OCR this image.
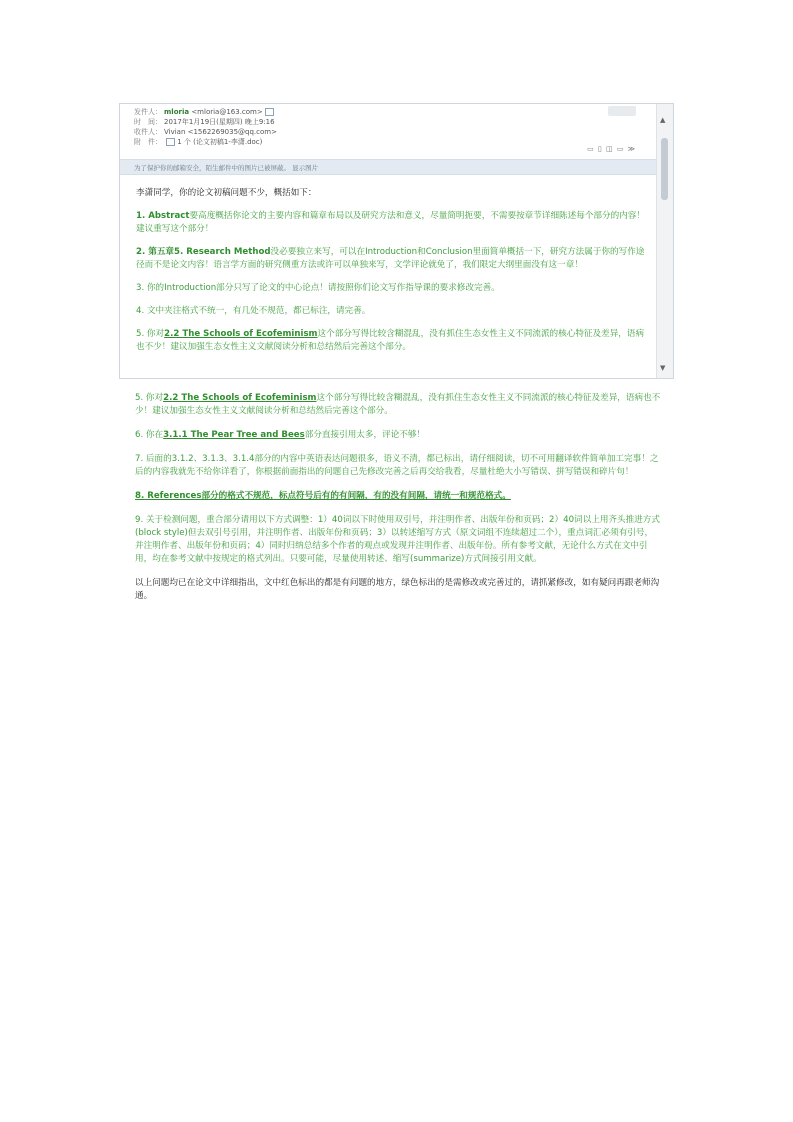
发件人： mloria <mloria@163.com>
时　间： 2017年1月19日(星期四) 晚上9:16
收件人： Vivian <1562269035@qq.com>
附　件： 1 个 (论文初稿1-李潇.doc)
▭ ▯ ◫ ▭ ≫
为了保护你的邮箱安全，陌生邮件中的图片已被屏蔽。 显示图片

李潇同学，你的论文初稿问题不少，概括如下：

1. Abstract要高度概括你论文的主要内容和篇章布局以及研究方法和意义，尽量简明扼要，不需要按章节详细陈述每个部分的内容！建议重写这个部分！

2. 第五章5. Research Method没必要独立来写，可以在Introduction和Conclusion里面简单概括一下，研究方法属于你的写作途径而不是论文内容！语言学方面的研究侧重方法或许可以单独来写，文学评论就免了，我们限定大纲里面没有这一章！

3. 你的Introduction部分只写了论文的中心论点！请按照你们论文写作指导课的要求修改完善。

4. 文中夹注格式不统一，有几处不规范，都已标注，请完善。

5. 你对2.2 The Schools of Ecofeminism这个部分写得比较含糊混乱，没有抓住生态女性主义不同流派的核心特征及差异，语病也不少！建议加强生态女性主义文献阅读分析和总结然后完善这个部分。

▲
▼

5. 你对2.2 The Schools of Ecofeminism这个部分写得比较含糊混乱，没有抓住生态女性主义不同流派的核心特征及差异，语病也不少！建议加强生态女性主义文献阅读分析和总结然后完善这个部分。

6. 你在3.1.1 The Pear Tree and Bees部分直接引用太多，评论不够！

7. 后面的3.1.2、3.1.3、3.1.4部分的内容中英语表达问题很多，语义不清，都已标出，请仔细阅读，切不可用翻译软件简单加工完事！之后的内容我就先不给你详看了，你根据前面指出的问题自己先修改完善之后再交给我看，尽量杜绝大小写错误、拼写错误和碎片句！

8. References部分的格式不规范，标点符号后有的有间隔，有的没有间隔，请统一和规范格式。

9. 关于检测问题，重合部分请用以下方式调整：1）40词以下时使用双引号，并注明作者、出版年份和页码；2）40词以上用齐头推进方式(block style)但去双引号引用，并注明作者、出版年份和页码；3）以转述缩写方式（原文词组不连续超过二个），重点词汇必须有引号，并注明作者、出版年份和页码；4）同时归纳总结多个作者的观点或发现并注明作者、出版年份。所有参考文献，无论什么方式在文中引用，均在参考文献中按规定的格式列出。只要可能，尽量使用转述、缩写(summarize)方式间接引用文献。

以上问题均已在论文中详细指出，文中红色标出的都是有问题的地方，绿色标出的是需修改或完善过的，请抓紧修改，如有疑问再跟老师沟通。
